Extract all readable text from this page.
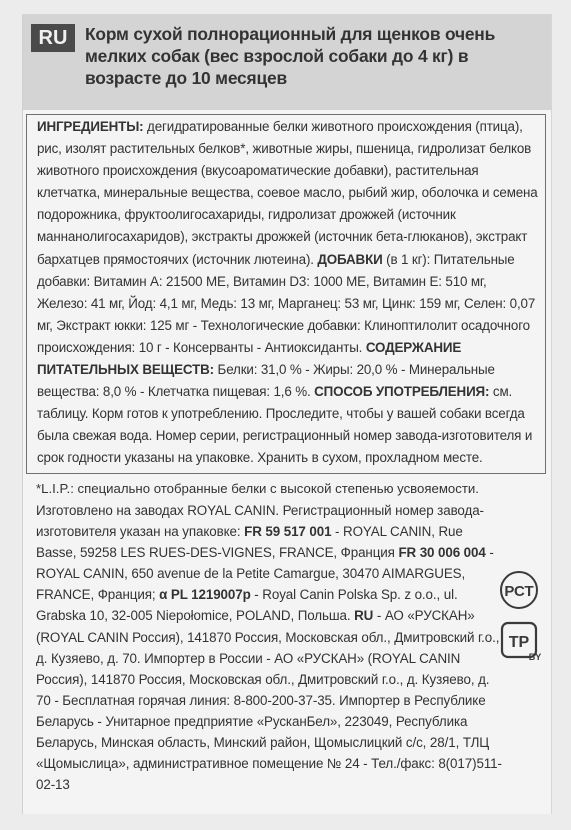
RU	Корм сухой полнорационный для щенков очень мелких собак (вес взрослой собаки до 4 кг) в возрасте до 10 месяцев

ИНГРЕДИЕНТЫ: дегидратированные белки животного происхождения (птица), рис, изолят растительных белков*, животные жиры, пшеница, гидролизат белков животного происхождения (вкусоароматические добавки), растительная клетчатка, минеральные вещества, соевое масло, рыбий жир, оболочка и семена подорожника, фруктоолигосахариды, гидролизат дрожжей (источник маннанолигосахаридов), экстракты дрожжей (источник бета-глюканов), экстракт бархатцев прямостоячих (источник лютеина). ДОБАВКИ (в 1 кг): Питательные добавки: Витамин А: 21500 МЕ, Витамин D3: 1000 МЕ, Витамин Е: 510 мг, Железо: 41 мг, Йод: 4,1 мг, Медь: 13 мг, Марганец: 53 мг, Цинк: 159 мг, Селен: 0,07 мг, Экстракт юкки: 125 мг - Технологические добавки: Клиноптилолит осадочного происхождения: 10 г - Консерванты - Антиоксиданты. СОДЕРЖАНИЕ ПИТАТЕЛЬНЫХ ВЕЩЕСТВ: Белки: 31,0 % - Жиры: 20,0 % - Минеральные вещества: 8,0 % - Клетчатка пищевая: 1,6 %. СПОСОБ УПОТРЕБЛЕНИЯ: см. таблицу. Корм готов к употреблению. Проследите, чтобы у вашей собаки всегда была свежая вода. Номер серии, регистрационный номер завода-изготовителя и срок годности указаны на упаковке. Хранить в сухом, прохладном месте.

*L.I.P.: специально отобранные белки с высокой степенью усвояемости.

Изготовлено на заводах ROYAL CANIN. Регистрационный номер завода-изготовителя указан на упаковке: FR 59 517 001 - ROYAL CANIN, Rue Basse, 59258 LES RUES-DES-VIGNES, FRANCE, Франция FR 30 006 004 - ROYAL CANIN, 650 avenue de la Petite Camargue, 30470 AIMARGUES, FRANCE, Франция; α PL 1219007p - Royal Canin Polska Sp. z o.o., ul. Grabska 10, 32-005 Niepołomice, POLAND, Польша. RU - АО «РУСКАН» (ROYAL CANIN Россия), 141870 Россия, Московская обл., Дмитровский г.о., д. Кузяево, д. 70. Импортер в России - АО «РУСКАН» (ROYAL CANIN Россия), 141870 Россия, Московская обл., Дмитровский г.о., д. Кузяево, д. 70 - Бесплатная горячая линия: 8-800-200-37-35. Импортер в Республике Беларусь - Унитарное предприятие «РусканБел», 223049, Республика Беларусь, Минская область, Минский район, Щомыслицкий с/с, 28/1, ТЛЦ «Щомыслица», административное помещение № 24 - Тел./факс: 8(017)511-02-13

РСТ
ТР
BY
